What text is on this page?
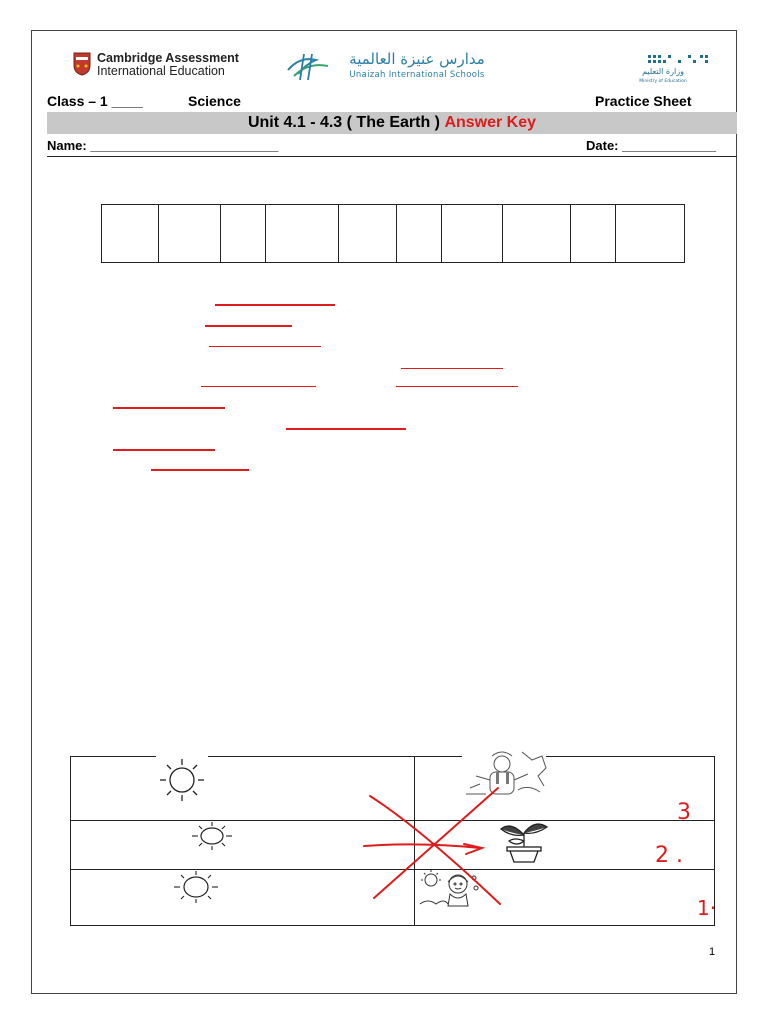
Cambridge Assessment
International Education
مدارس عنيزة العالمية
Unaizah International Schools	وزارة التعليم
Ministry of Education
Class – 1 ____	Science	Practice Sheet
Unit 4.1 - 4.3 ( The Earth ) Answer Key
Name: __________________________	Date: _____________
3
2 .
1·
1
